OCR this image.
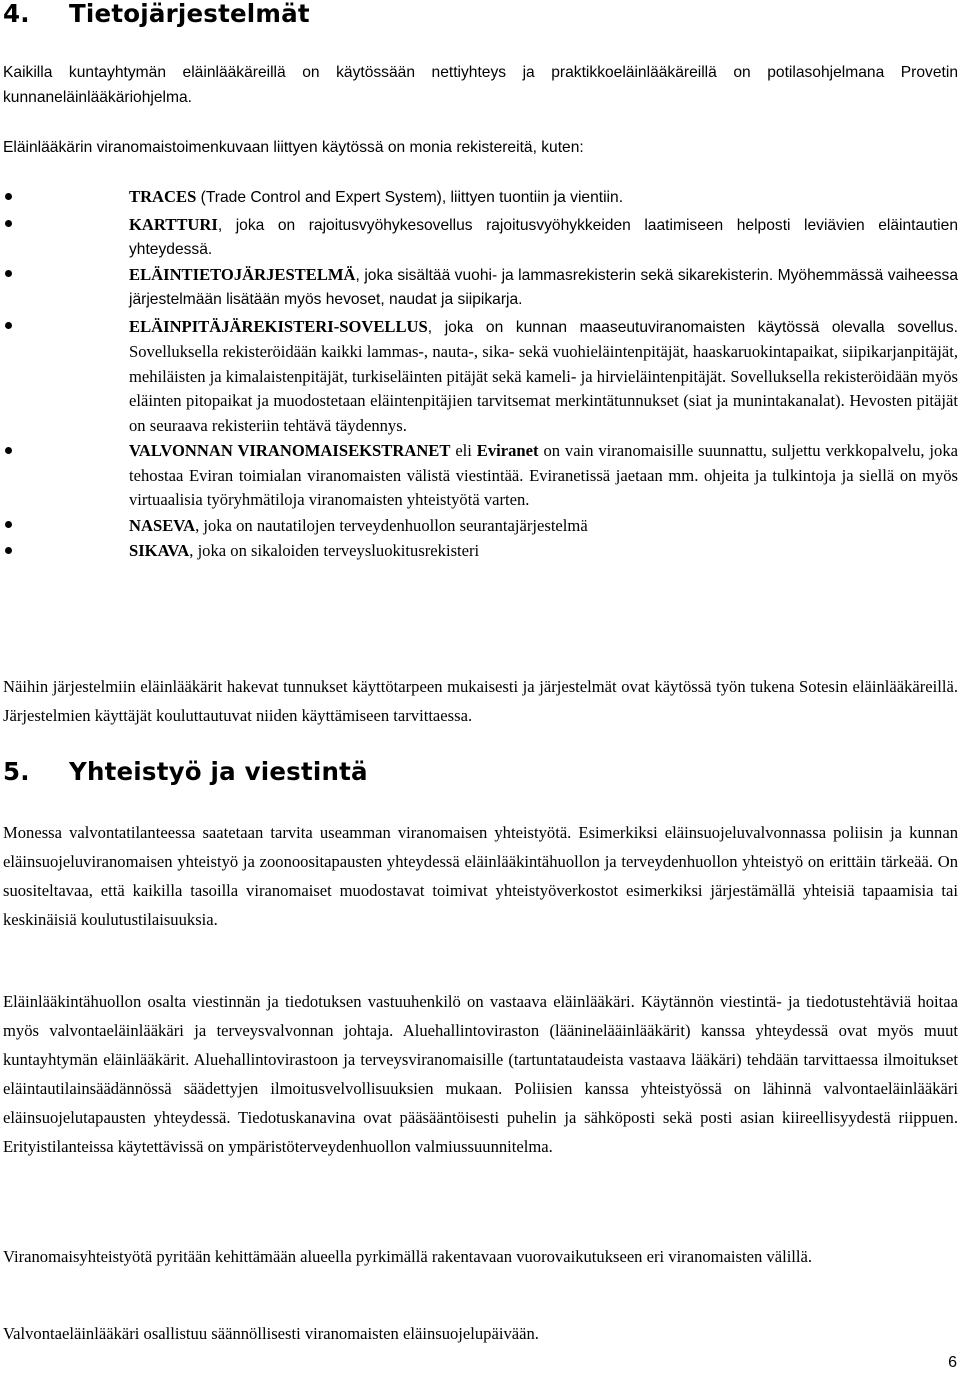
4. Tietojärjestelmät

Kaikilla kuntayhtymän eläinlääkäreillä on käytössään nettiyhteys ja praktikkoeläinlääkäreillä on potilasohjelmana Provetin kunnaneläinlääkäriohjelma.

Eläinlääkärin viranomaistoimenkuvaan liittyen käytössä on monia rekistereitä, kuten:

TRACES (Trade Control and Expert System), liittyen tuontiin ja vientiin.
KARTTURI, joka on rajoitusvyöhykesovellus rajoitusvyöhykkeiden laatimiseen helposti leviävien eläintautien yhteydessä.
ELÄINTIETOJÄRJESTELMÄ, joka sisältää vuohi- ja lammasrekisterin sekä sikarekisterin. Myöhemmässä vaiheessa järjestelmään lisätään myös hevoset, naudat ja siipikarja.
ELÄINPITÄJÄREKISTERI-SOVELLUS, joka on kunnan maaseutuviranomaisten käytössä olevalla sovellus. Sovelluksella rekisteröidään kaikki lammas-, nauta-, sika- sekä vuohieläintenpitäjät, haaskaruokintapaikat, siipikarjanpitäjät, mehiläisten ja kimalaistenpitäjät, turkiseläinten pitäjät sekä kameli- ja hirvieläintenpitäjät. Sovelluksella rekisteröidään myös eläinten pitopaikat ja muodostetaan eläintenpitäjien tarvitsemat merkintätunnukset (siat ja munintakanalat). Hevosten pitäjät on seuraava rekisteriin tehtävä täydennys.
VALVONNAN VIRANOMAISEKSTRANET eli Eviranet on vain viranomaisille suunnattu, suljettu verkkopalvelu, joka tehostaa Eviran toimialan viranomaisten välistä viestintää. Eviranetissä jaetaan mm. ohjeita ja tulkintoja ja siellä on myös virtuaalisia työryhmätiloja viranomaisten yhteistyötä varten.
NASEVA, joka on nautatilojen terveydenhuollon seurantajärjestelmä
SIKAVA, joka on sikaloiden terveysluokitusrekisteri

Näihin järjestelmiin eläinlääkärit hakevat tunnukset käyttötarpeen mukaisesti ja järjestelmät ovat käytössä työn tukena Sotesin eläinlääkäreillä. Järjestelmien käyttäjät kouluttautuvat niiden käyttämiseen tarvittaessa.

5. Yhteistyö ja viestintä

Monessa valvontatilanteessa saatetaan tarvita useamman viranomaisen yhteistyötä. Esimerkiksi eläinsuojeluvalvonnassa poliisin ja kunnan eläinsuojeluviranomaisen yhteistyö ja zoonoositapausten yhteydessä eläinlääkintähuollon ja terveydenhuollon yhteistyö on erittäin tärkeää. On suositeltavaa, että kaikilla tasoilla viranomaiset muodostavat toimivat yhteistyöverkostot esimerkiksi järjestämällä yhteisiä tapaamisia tai keskinäisiä koulutustilaisuuksia.

Eläinlääkintähuollon osalta viestinnän ja tiedotuksen vastuuhenkilö on vastaava eläinlääkäri. Käytännön viestintä- ja tiedotustehtäviä hoitaa myös valvontaeläinlääkäri ja terveysvalvonnan johtaja. Aluehallintoviraston (lääninelääinlääkärit) kanssa yhteydessä ovat myös muut kuntayhtymän eläinlääkärit. Aluehallintovirastoon ja terveysviranomaisille (tartuntataudeista vastaava lääkäri) tehdään tarvittaessa ilmoitukset eläintautilainsäädännössä säädettyjen ilmoitusvelvollisuuksien mukaan. Poliisien kanssa yhteistyössä on lähinnä valvontaeläinlääkäri eläinsuojelutapausten yhteydessä. Tiedotuskanavina ovat pääsääntöisesti puhelin ja sähköposti sekä posti asian kiireellisyydestä riippuen. Erityistilanteissa käytettävissä on ympäristöterveydenhuollon valmiussuunnitelma.

Viranomaisyhteistyötä pyritään kehittämään alueella pyrkimällä rakentavaan vuorovaikutukseen eri viranomaisten välillä.

Valvontaeläinlääkäri osallistuu säännöllisesti viranomaisten eläinsuojelupäivään.

6
